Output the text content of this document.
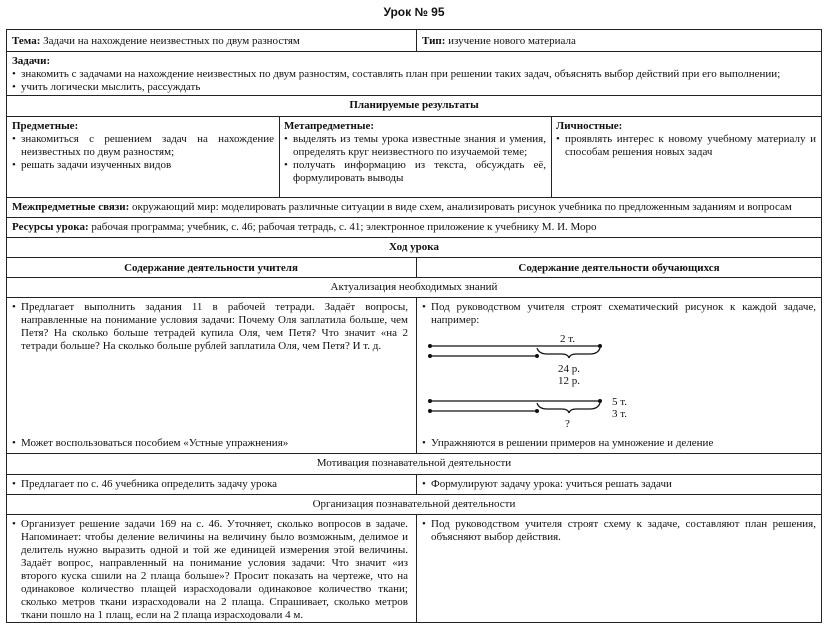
Урок № 95
Тема: Задачи на нахождение неизвестных по двум разностям	Тип: изучение нового материала
Задачи:
• знакомить с задачами на нахождение неизвестных по двум разностям, составлять план при решении таких задач, объяснять выбор действий при его выполнении;
• учить логически мыслить, рассуждать
Планируемые результаты
Предметные:
• знакомиться с решением задач на нахождение неизвестных по двум разностям;
• решать задачи изученных видов
Метапредметные:
• выделять из темы урока известные знания и умения, определять круг неизвестного по изучаемой теме;
• получать информацию из текста, обсуждать её, формулировать выводы
Личностные:
• проявлять интерес к новому учебному материалу и способам решения новых задач
Межпредметные связи: окружающий мир: моделировать различные ситуации в виде схем, анализировать рисунок учебника по предложенным заданиям и вопросам
Ресурсы урока: рабочая программа; учебник, с. 46; рабочая тетрадь, с. 41; электронное приложение к учебнику М. И. Моро
Ход урока
Содержание деятельности учителя	Содержание деятельности обучающихся
Актуализация необходимых знаний
• Предлагает выполнить задания 11 в рабочей тетради. Задаёт вопросы, направленные на понимание условия задачи: Почему Оля заплатила больше, чем Петя? На сколько больше тетрадей купила Оля, чем Петя? Что значит «на 2 тетради больше? На сколько больше рублей заплатила Оля, чем Петя? И т. д.
• Может воспользоваться пособием «Устные упражнения»
• Под руководством учителя строят схематический рисунок к каждой задаче, например:
• Упражняются в решении примеров на умножение и деление
2 т.
24 р.
12 р.
5 т.
3 т.
?
Мотивация познавательной деятельности
• Предлагает по с. 46 учебника определить задачу урока
•	Формулируют задачу урока: учиться решать задачи
Организация познавательной деятельности
• Организует решение задачи 169 на с. 46. Уточняет, сколько вопросов в задаче. Напоминает: чтобы деление величины на величину было возможным, делимое и делитель нужно выразить одной и той же единицей измерения этой величины. Задаёт вопрос, направленный на понимание условия задачи: Что значит «из второго куска сшили на 2 плаща больше»? Просит показать на чертеже, что на одинаковое количество плащей израсходовали одинаковое количество ткани; сколько метров ткани израсходовали на 2 плаща. Спрашивает, сколько метров ткани пошло на 1 плащ, если на 2 плаща израсходовали 4 м.
• Под руководством учителя строят схему к задаче, составляют план решения, объясняют выбор действия.
